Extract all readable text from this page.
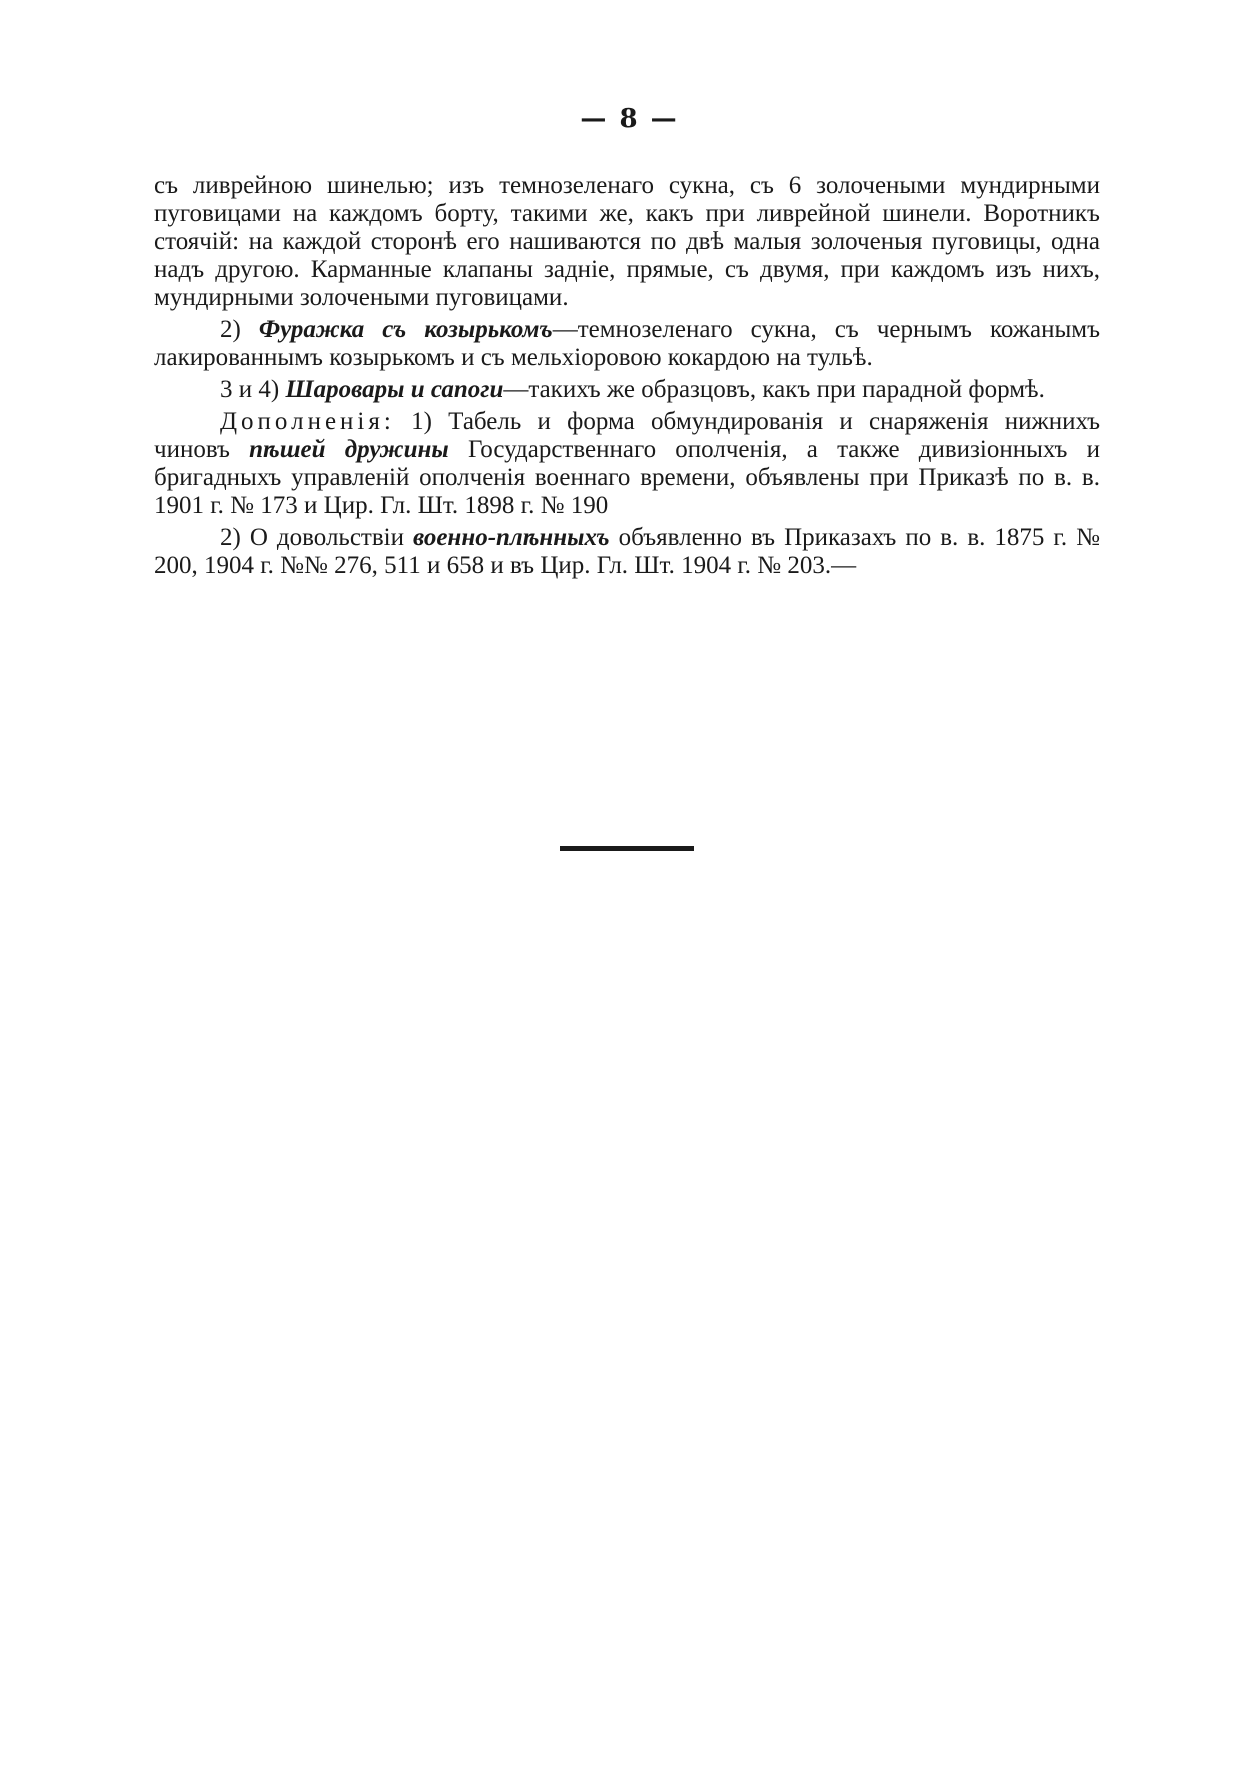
— 8 —

съ ливрейною шинелью; изъ темнозеленаго сукна, съ 6 золочеными мундирными пуговицами на каждомъ борту, такими же, какъ при ливрейной шинели. Воротникъ стоячій: на каждой сторонѣ его нашиваются по двѣ малыя золоченыя пуговицы, одна надъ другою. Карманные клапаны задніе, прямые, съ двумя, при каждомъ изъ нихъ, мундирными золочеными пуговицами.

2) Фуражка съ козырькомъ—темнозеленаго сукна, съ чернымъ кожанымъ лакированнымъ козырькомъ и съ мельхіоровою кокардою на тульѣ.

3 и 4) Шаровары и сапоги—такихъ же образцовъ, какъ при парадной формѣ.

Дополненія: 1) Табель и форма обмундированія и снаряженія нижнихъ чиновъ пѣшей дружины Государственнаго ополченія, а также дивизіонныхъ и бригадныхъ управленій ополченія военнаго времени, объявлены при Приказѣ по в. в. 1901 г. № 173 и Цир. Гл. Шт. 1898 г. № 190

2) О довольствіи военно-плѣнныхъ объявленно въ Приказахъ по в. в. 1875 г. № 200, 1904 г. №№ 276, 511 и 658 и въ Цир. Гл. Шт. 1904 г. № 203.—
